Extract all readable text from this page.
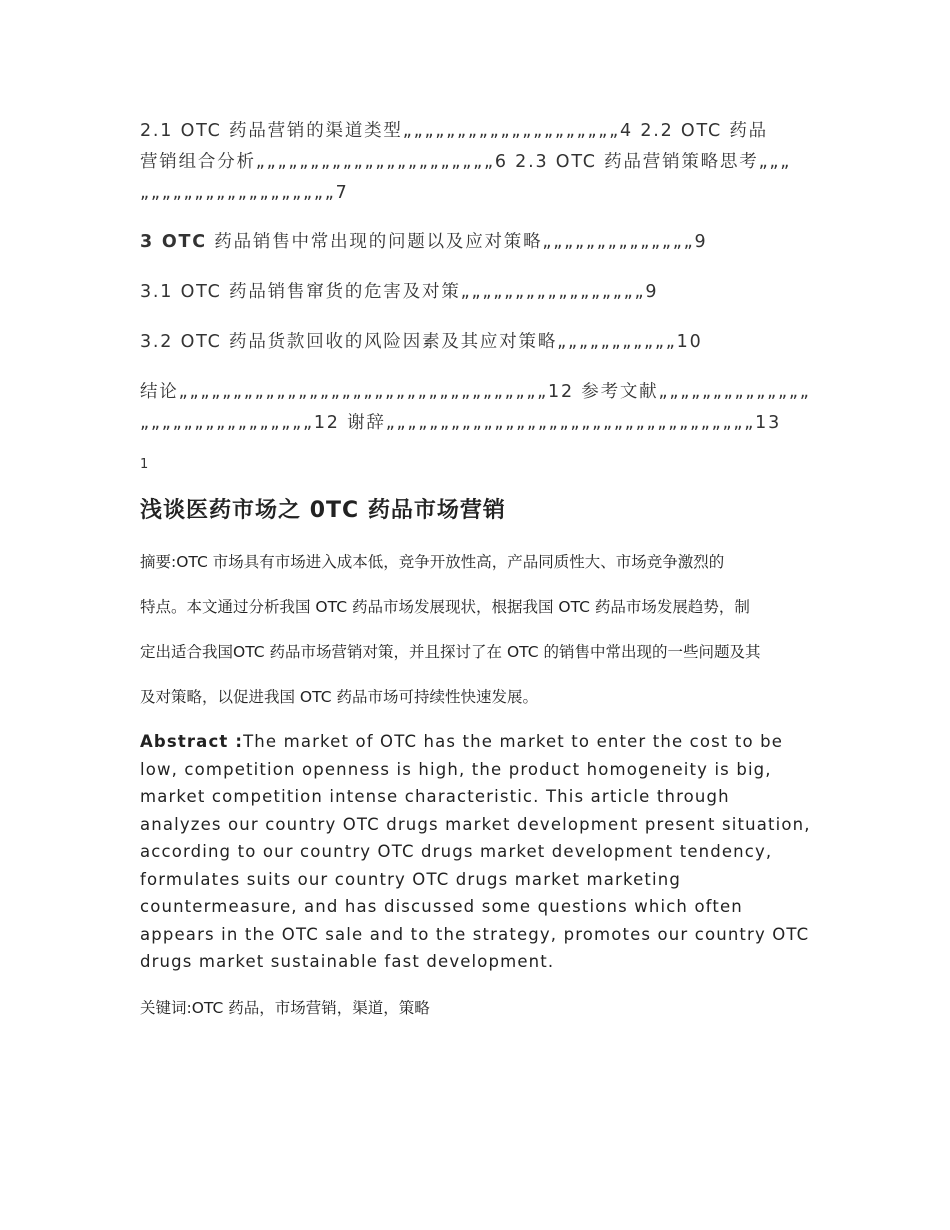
2.1 OTC 药品营销的渠道类型„„„„„„„„„„„„„„„„„„„„4 2.2 OTC 药品

营销组合分析„„„„„„„„„„„„„„„„„„„„„„6 2.3 OTC 药品营销策略思考„„„

„„„„„„„„„„„„„„„„„„7

3 OTC 药品销售中常出现的问题以及应对策略„„„„„„„„„„„„„„9

3.1 OTC 药品销售窜货的危害及对策„„„„„„„„„„„„„„„„„9

3.2 OTC 药品货款回收的风险因素及其应对策略„„„„„„„„„„„10

结论„„„„„„„„„„„„„„„„„„„„„„„„„„„„„„„„„„12 参考文献„„„„„„„„„„„„„„

„„„„„„„„„„„„„„„„12 谢辞„„„„„„„„„„„„„„„„„„„„„„„„„„„„„„„„„„13

1

浅谈医药市场之 0TC 药品市场营销

摘要:OTC 市场具有市场进入成本低，竞争开放性高，产品同质性大、市场竞争激烈的

特点。本文通过分析我国 OTC 药品市场发展现状，根据我国 OTC 药品市场发展趋势，制

定出适合我国OTC 药品市场营销对策，并且探讨了在 OTC 的销售中常出现的一些问题及其

及对策略，以促进我国 OTC 药品市场可持续性快速发展。

Abstract :The market of OTC has the market to enter the cost to be low, competition openness is high, the product homogeneity is big, market competition intense characteristic. This article through analyzes our country OTC drugs market development present situation, according to our country OTC drugs market development tendency, formulates suits our country OTC drugs market marketing countermeasure, and has discussed some questions which often appears in the OTC sale and to the strategy, promotes our country OTC drugs market sustainable fast development.

关键词:OTC 药品，市场营销，渠道，策略
